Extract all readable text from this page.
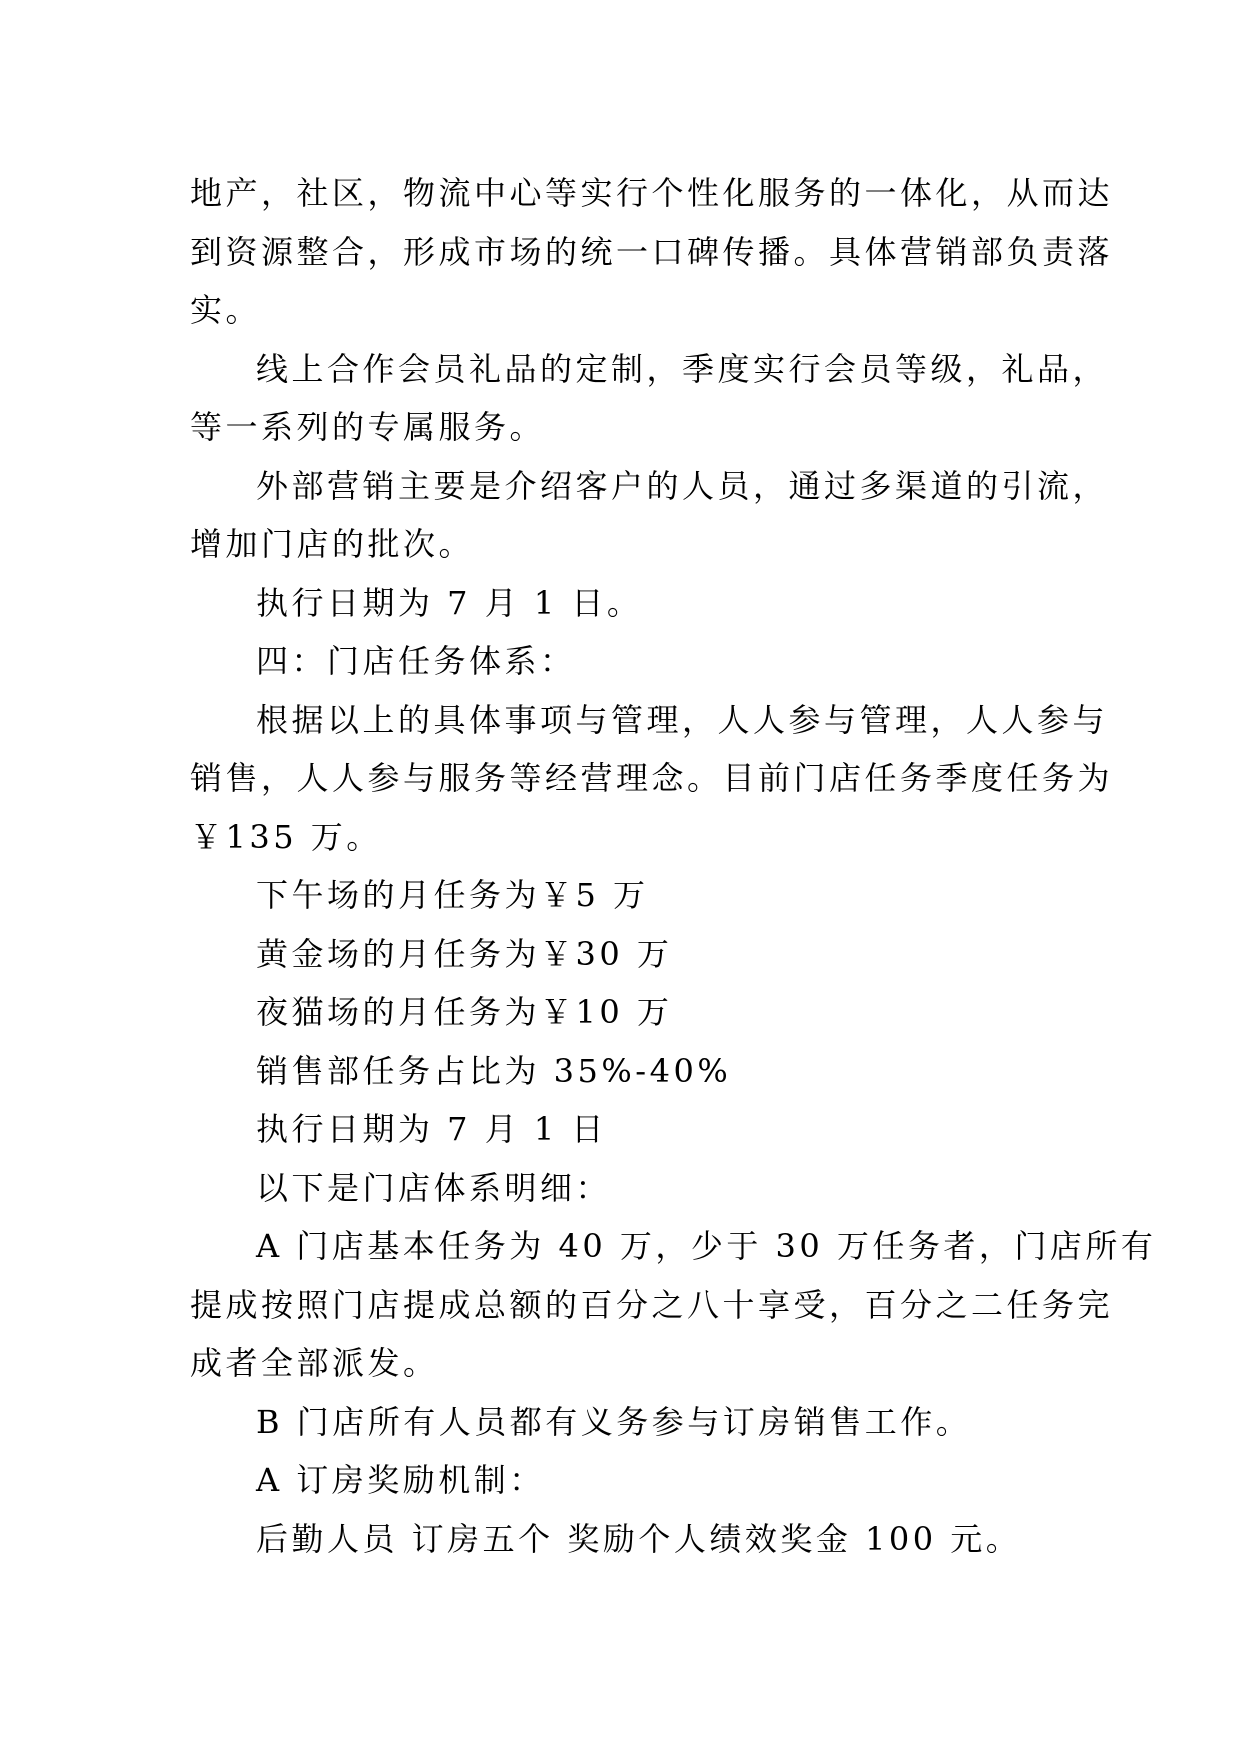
地产，社区，物流中心等实行个性化服务的一体化，从而达
到资源整合，形成市场的统一口碑传播。具体营销部负责落
实。
线上合作会员礼品的定制，季度实行会员等级，礼品，
等一系列的专属服务。
外部营销主要是介绍客户的人员，通过多渠道的引流，
增加门店的批次。
执行日期为 7 月 1 日。
四：门店任务体系：
根据以上的具体事项与管理，人人参与管理，人人参与
销售，人人参与服务等经营理念。目前门店任务季度任务为
￥135 万。
下午场的月任务为￥5 万
黄金场的月任务为￥30 万
夜猫场的月任务为￥10 万
销售部任务占比为 35%-40%
执行日期为 7 月 1 日
以下是门店体系明细：
A 门店基本任务为 40 万，少于 30 万任务者，门店所有
提成按照门店提成总额的百分之八十享受，百分之二任务完
成者全部派发。
B 门店所有人员都有义务参与订房销售工作。
A 订房奖励机制：
后勤人员 订房五个 奖励个人绩效奖金 100 元。
